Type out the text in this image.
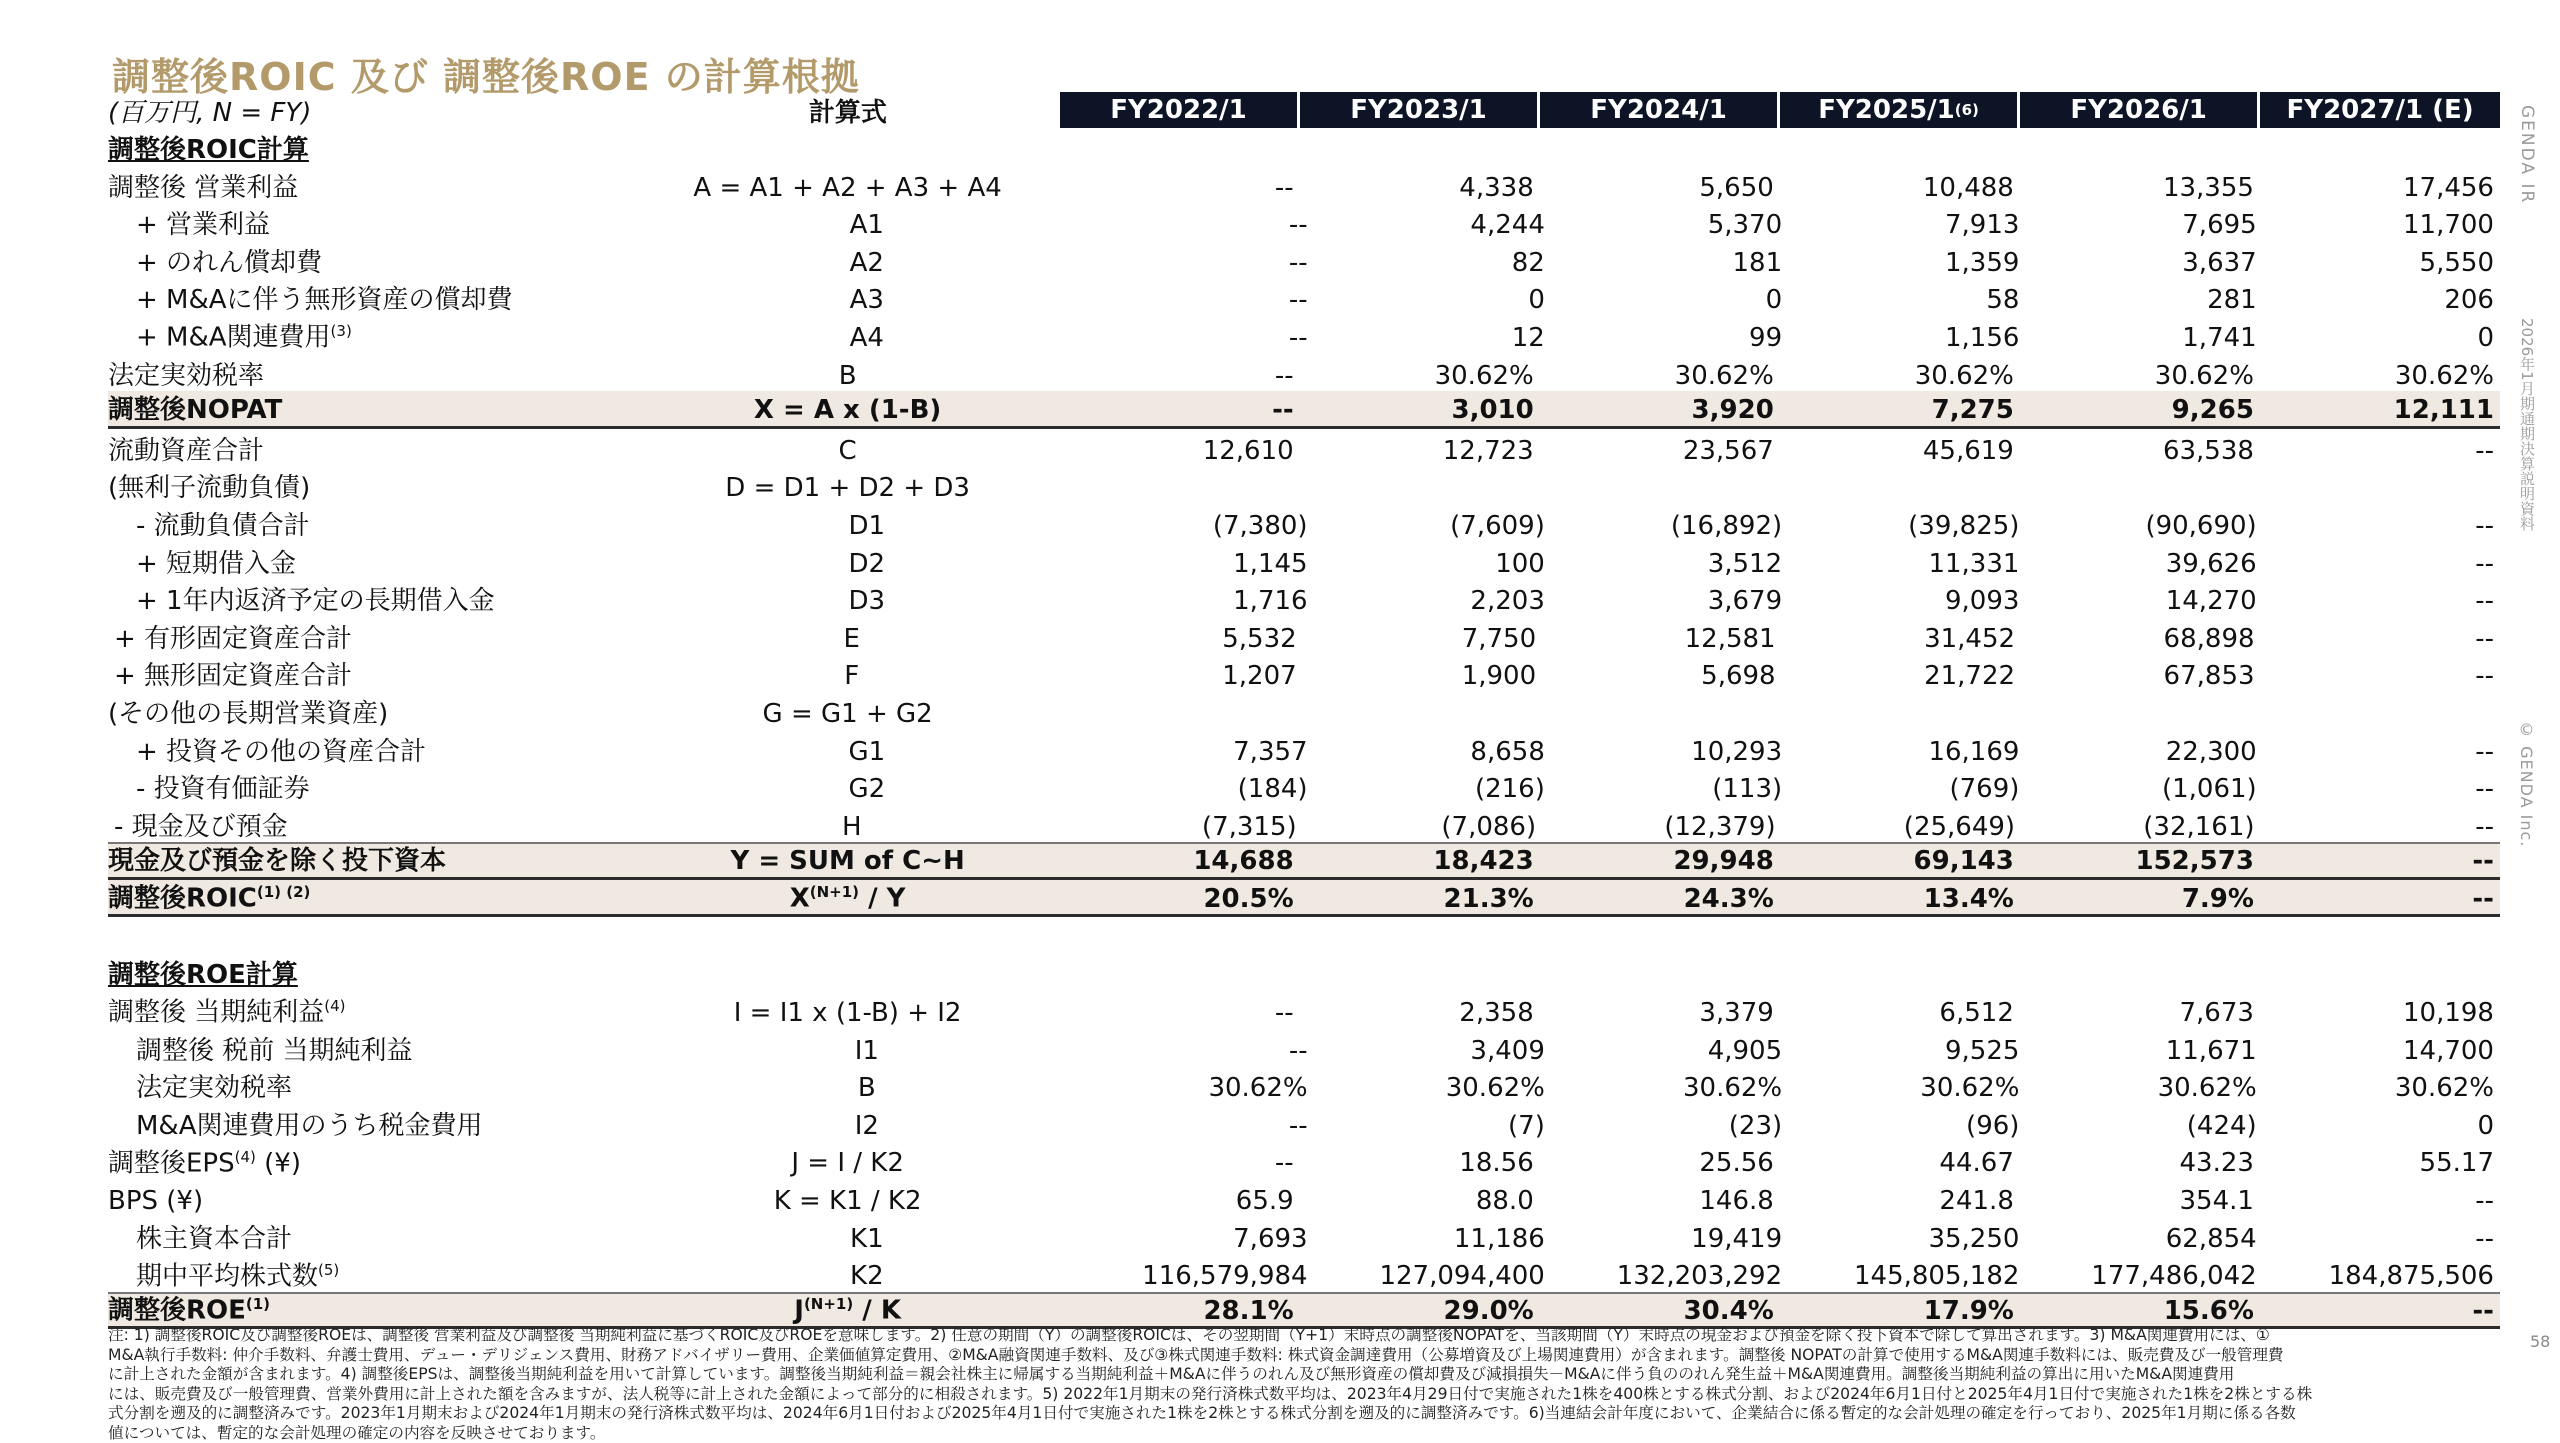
調整後ROIC 及び 調整後ROE の計算根拠
GENDA IR
2026年1月期通期決算説明資料
© GENDA Inc.
58
(百万円, N = FY)	計算式	FY2022/1	FY2023/1	FY2024/1	FY2025/1 (6)	FY2026/1	FY2027/1 (E)
調整後ROIC計算
調整後 営業利益	A = A1 + A2 + A3 + A4	--	4,338	5,650	10,488	13,355	17,456
+ 営業利益	A1	--	4,244	5,370	7,913	7,695	11,700
+ のれん償却費	A2	--	82	181	1,359	3,637	5,550
+ M&Aに伴う無形資産の償却費	A3	--	0	0	58	281	206
+ M&A関連費用$^{(3)}$	A4	--	12	99	1,156	1,741	0
法定実効税率	B	--	30.62%	30.62%	30.62%	30.62%	30.62%
調整後NOPAT	X = A x (1-B)	--	3,010	3,920	7,275	9,265	12,111
流動資産合計	C	12,610	12,723	23,567	45,619	63,538	--
(無利子流動負債)	D = D1 + D2 + D3
- 流動負債合計	D1	(7,380)	(7,609)	(16,892)	(39,825)	(90,690)	--
+ 短期借入金	D2	1,145	100	3,512	11,331	39,626	--
+ 1年内返済予定の長期借入金	D3	1,716	2,203	3,679	9,093	14,270	--
+ 有形固定資産合計	E	5,532	7,750	12,581	31,452	68,898	--
+ 無形固定資産合計	F	1,207	1,900	5,698	21,722	67,853	--
(その他の長期営業資産)	G = G1 + G2
+ 投資その他の資産合計	G1	7,357	8,658	10,293	16,169	22,300	--
- 投資有価証券	G2	(184)	(216)	(113)	(769)	(1,061)	--
- 現金及び預金	H	(7,315)	(7,086)	(12,379)	(25,649)	(32,161)	--
現金及び預金を除く投下資本	Y = SUM of C~H	14,688	18,423	29,948	69,143	152,573	--
調整後$ROIC^{(1) (2)}$	$X^{(N+1)}$ / Y	20.5%	21.3%	24.3%	13.4%	7.9%	--
調整後ROE計算
調整後 当期純利益$^{(4)}$	I = I1 x (1-B) + I2	--	2,358	3,379	6,512	7,673	10,198
調整後 税前 当期純利益	I1	--	3,409	4,905	9,525	11,671	14,700
法定実効税率	B	30.62%	30.62%	30.62%	30.62%	30.62%	30.62%
M&A関連費用のうち税金費用	I2	--	(7)	(23)	(96)	(424)	0
調整後EPS$^{(4)}$ (¥)	J = I / K2	--	18.56	25.56	44.67	43.23	55.17
BPS (¥)	K = K1 / K2	65.9	88.0	146.8	241.8	354.1	--
株主資本合計	K1	7,693	11,186	19,419	35,250	62,854	--
期中平均株式数$^{(5)}$	K2	116,579,984	127,094,400	132,203,292	145,805,182	177,486,042	184,875,506
調整後ROE$^{(1)}$	$J^{(N+1)}$ / K	28.1%	29.0%	30.4%	17.9%	15.6%	--

注: 1) 調整後ROIC及び調整後ROEは、調整後 営業利益及び調整後 当期純利益に基づくROIC及びROEを意味します。2) 任意の期間（Y）の調整後ROICは、その翌期間（Y+1）末時点の調整後NOPATを、当該期間（Y）末時点の現金および預金を除く投下資本で除して算出されます。3) M&A関連費用には、①

M&A執行手数料: 仲介手数料、弁護士費用、デュー・デリジェンス費用、財務アドバイザリー費用、企業価値算定費用、②M&A融資関連手数料、及び③株式関連手数料: 株式資金調達費用（公募増資及び上場関連費用）が含まれます。調整後 NOPATの計算で使用するM&A関連手数料には、販売費及び一般管理費

に計上された金額が含まれます。4) 調整後EPSは、調整後当期純利益を用いて計算しています。調整後当期純利益＝親会社株主に帰属する当期純利益＋M&Aに伴うのれん及び無形資産の償却費及び減損損失－M&Aに伴う負ののれん発生益＋M&A関連費用。調整後当期純利益の算出に用いたM&A関連費用

には、販売費及び一般管理費、営業外費用に計上された額を含みますが、法人税等に計上された金額によって部分的に相殺されます。5) 2022年1月期末の発行済株式数平均は、2023年4月29日付で実施された1株を400株とする株式分割、および2024年6月1日付と2025年4月1日付で実施された1株を2株とする株

式分割を遡及的に調整済みです。2023年1月期末および2024年1月期末の発行済株式数平均は、2024年6月1日付および2025年4月1日付で実施された1株を2株とする株式分割を遡及的に調整済みです。6)当連結会計年度において、企業結合に係る暫定的な会計処理の確定を行っており、2025年1月期に係る各数

値については、暫定的な会計処理の確定の内容を反映させております。
